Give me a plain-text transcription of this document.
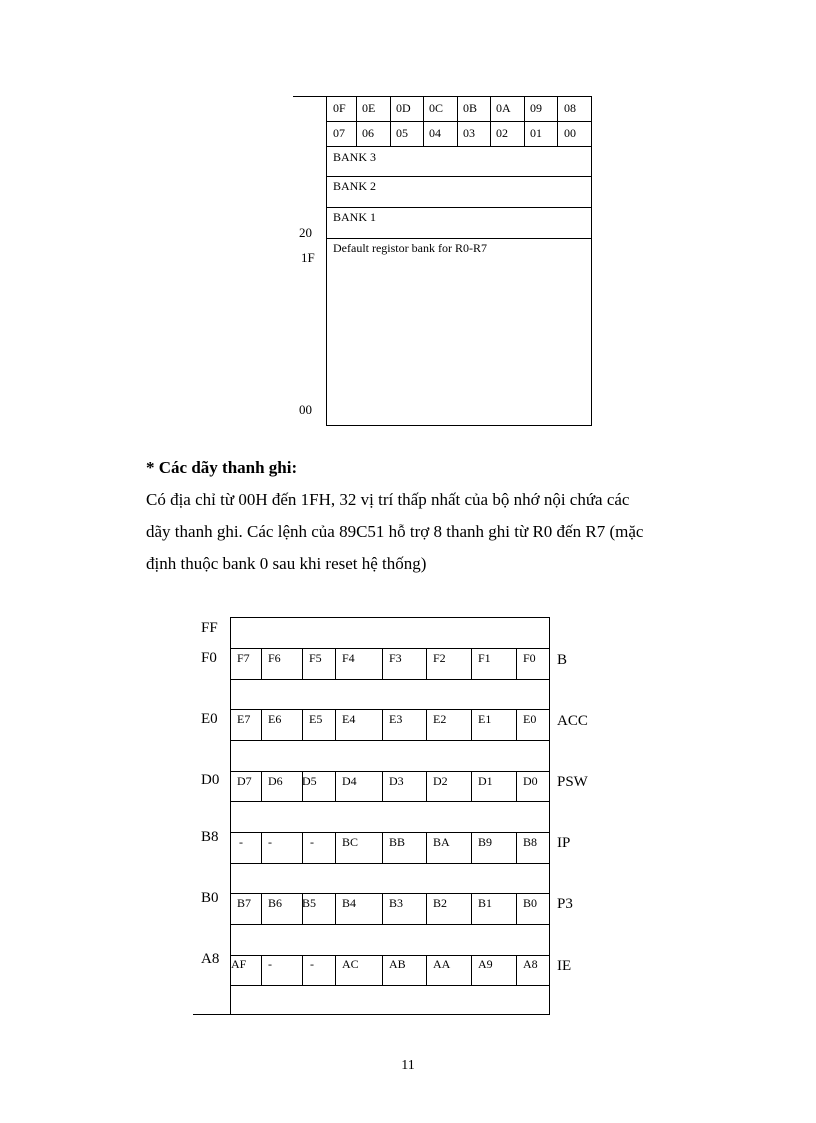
0F 0E 0D 0C 0B 0A 09 08
07 06 05 04 03 02 01 00
BANK 3
BANK 2
BANK 1
Default registor bank for R0-R7
20
1F
00
* Các dãy thanh ghi:
Có địa chỉ từ 00H đến 1FH, 32 vị trí thấp nhất của bộ nhớ nội chứa các
dãy thanh ghi. Các lệnh của 89C51 hỗ trợ 8 thanh ghi từ R0 đến R7 (mặc
định thuộc bank 0 sau khi reset hệ thống)
FF
F0	B
F7 F6 F5 F4	F3	F2	F1	F0
E0	ACC
E7 E6 E5 E4	E3	E2	E1	E0
D0	PSW
D7 D6 D5 D4	D3 D2	D1	D0
B8	IP
- -	- BC	BB BA B9	B8
B0	P3
B7 B6 B5 B4	B3 B2	B1	B0
A8	IE
AF -	- AC	AB AA A9	A8
11
